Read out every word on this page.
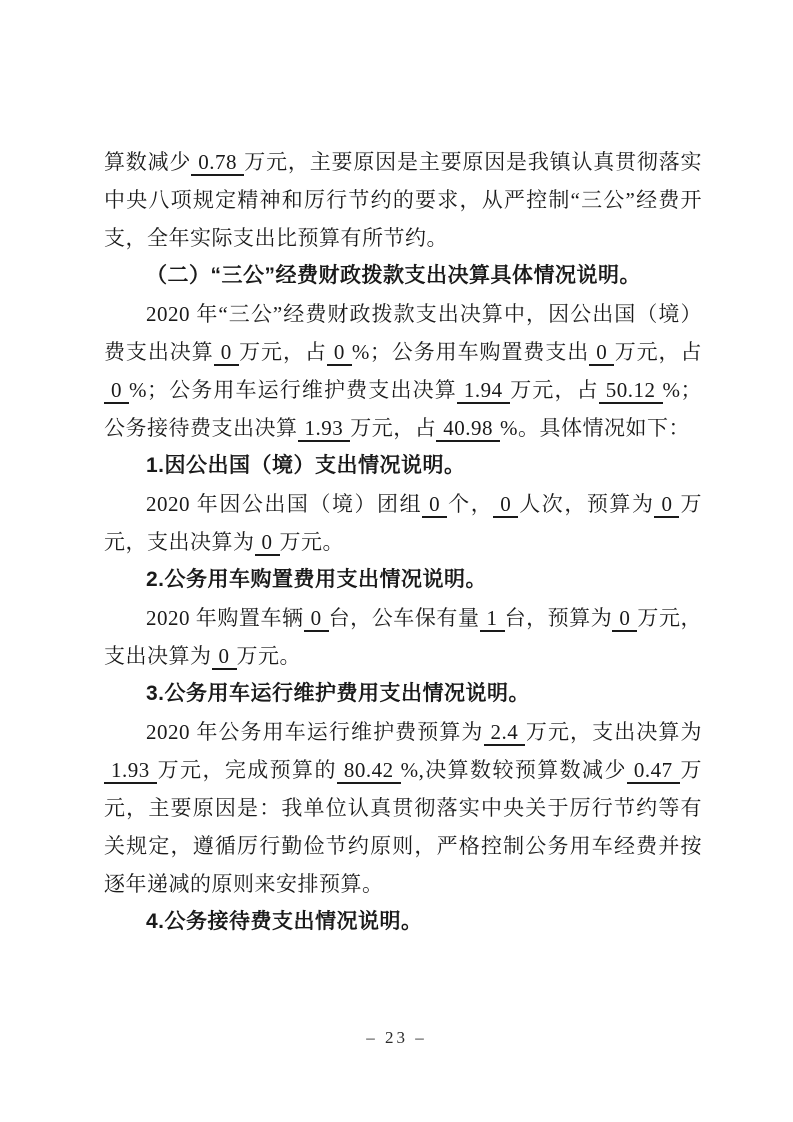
算数减少 0.78 万元，主要原因是主要原因是我镇认真贯彻落实中央八项规定精神和厉行节约的要求，从严控制“三公”经费开支，全年实际支出比预算有所节约。

（二）“三公”经费财政拨款支出决算具体情况说明。

2020 年“三公”经费财政拨款支出决算中，因公出国（境）费支出决算 0 万元，占 0 %；公务用车购置费支出 0 万元，占0 %；公务用车运行维护费支出决算 1.94 万元，占 50.12 %；公务接待费支出决算 1.93 万元，占 40.98 %。具体情况如下：

1.因公出国（境）支出情况说明。

2020 年因公出国（境）团组 0 个， 0 人次，预算为 0 万元，支出决算为 0 万元。

2.公务用车购置费用支出情况说明。

2020 年购置车辆 0 台，公车保有量 1 台，预算为 0 万元，支出决算为 0 万元。

3.公务用车运行维护费用支出情况说明。

2020 年公务用车运行维护费预算为 2.4 万元，支出决算为1.93 万元，完成预算的 80.42 %,决算数较预算数减少 0.47 万元，主要原因是：我单位认真贯彻落实中央关于厉行节约等有关规定，遵循厉行勤俭节约原则，严格控制公务用车经费并按逐年递减的原则来安排预算。

4.公务接待费支出情况说明。

– 23 –
